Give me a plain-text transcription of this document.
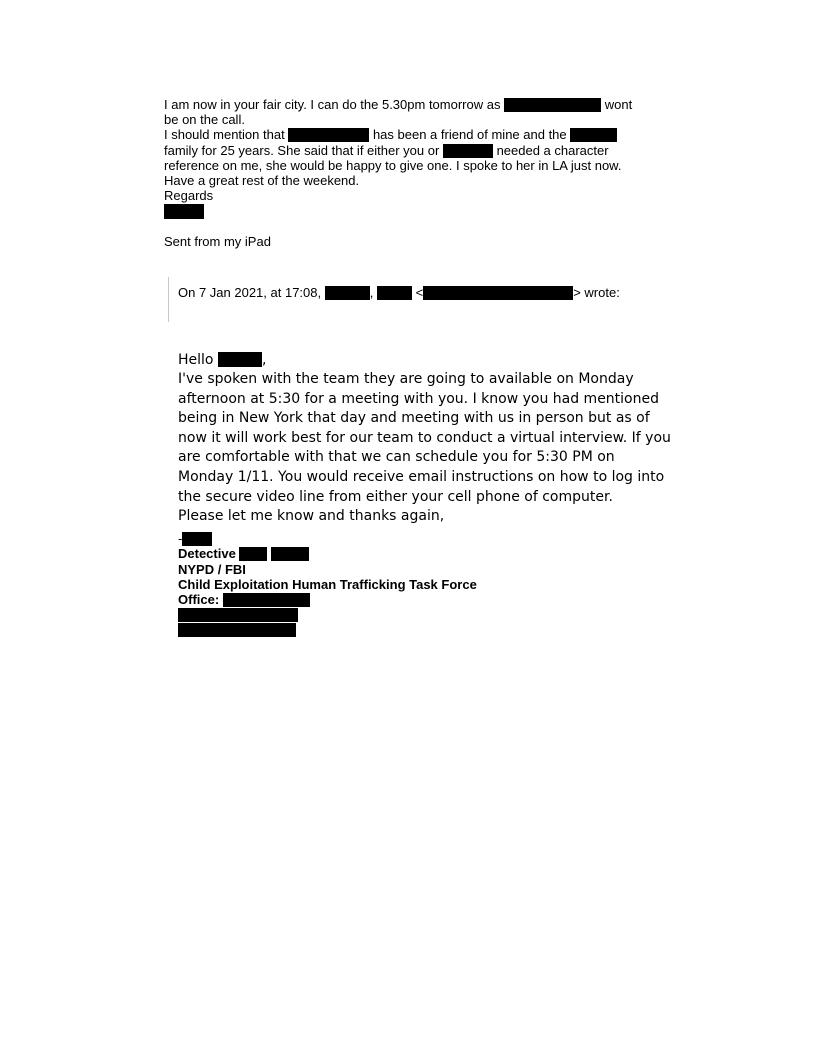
I am now in your fair city. I can do the 5.30pm tomorrow as	wont
be on the call.
I should mention that	has been a friend of mine and the
family for 25 years. She said that if either you or	needed a character
reference on me, she would be happy to give one. I spoke to her in LA just now.
Have a great rest of the weekend.
Regards
Sent from my iPad
On 7 Jan 2021, at 17:08,	,	<	> wrote:
Hello	,
I've spoken with the team they are going to available on Monday
afternoon at 5:30 for a meeting with you. I know you had mentioned
being in New York that day and meeting with us in person but as of
now it will work best for our team to conduct a virtual interview. If you
are comfortable with that we can schedule you for 5:30 PM on
Monday 1/11. You would receive email instructions on how to log into
the secure video line from either your cell phone of computer.
Please let me know and thanks again,
-
Detective
NYPD / FBI
Child Exploitation Human Trafficking Task Force
Office:
